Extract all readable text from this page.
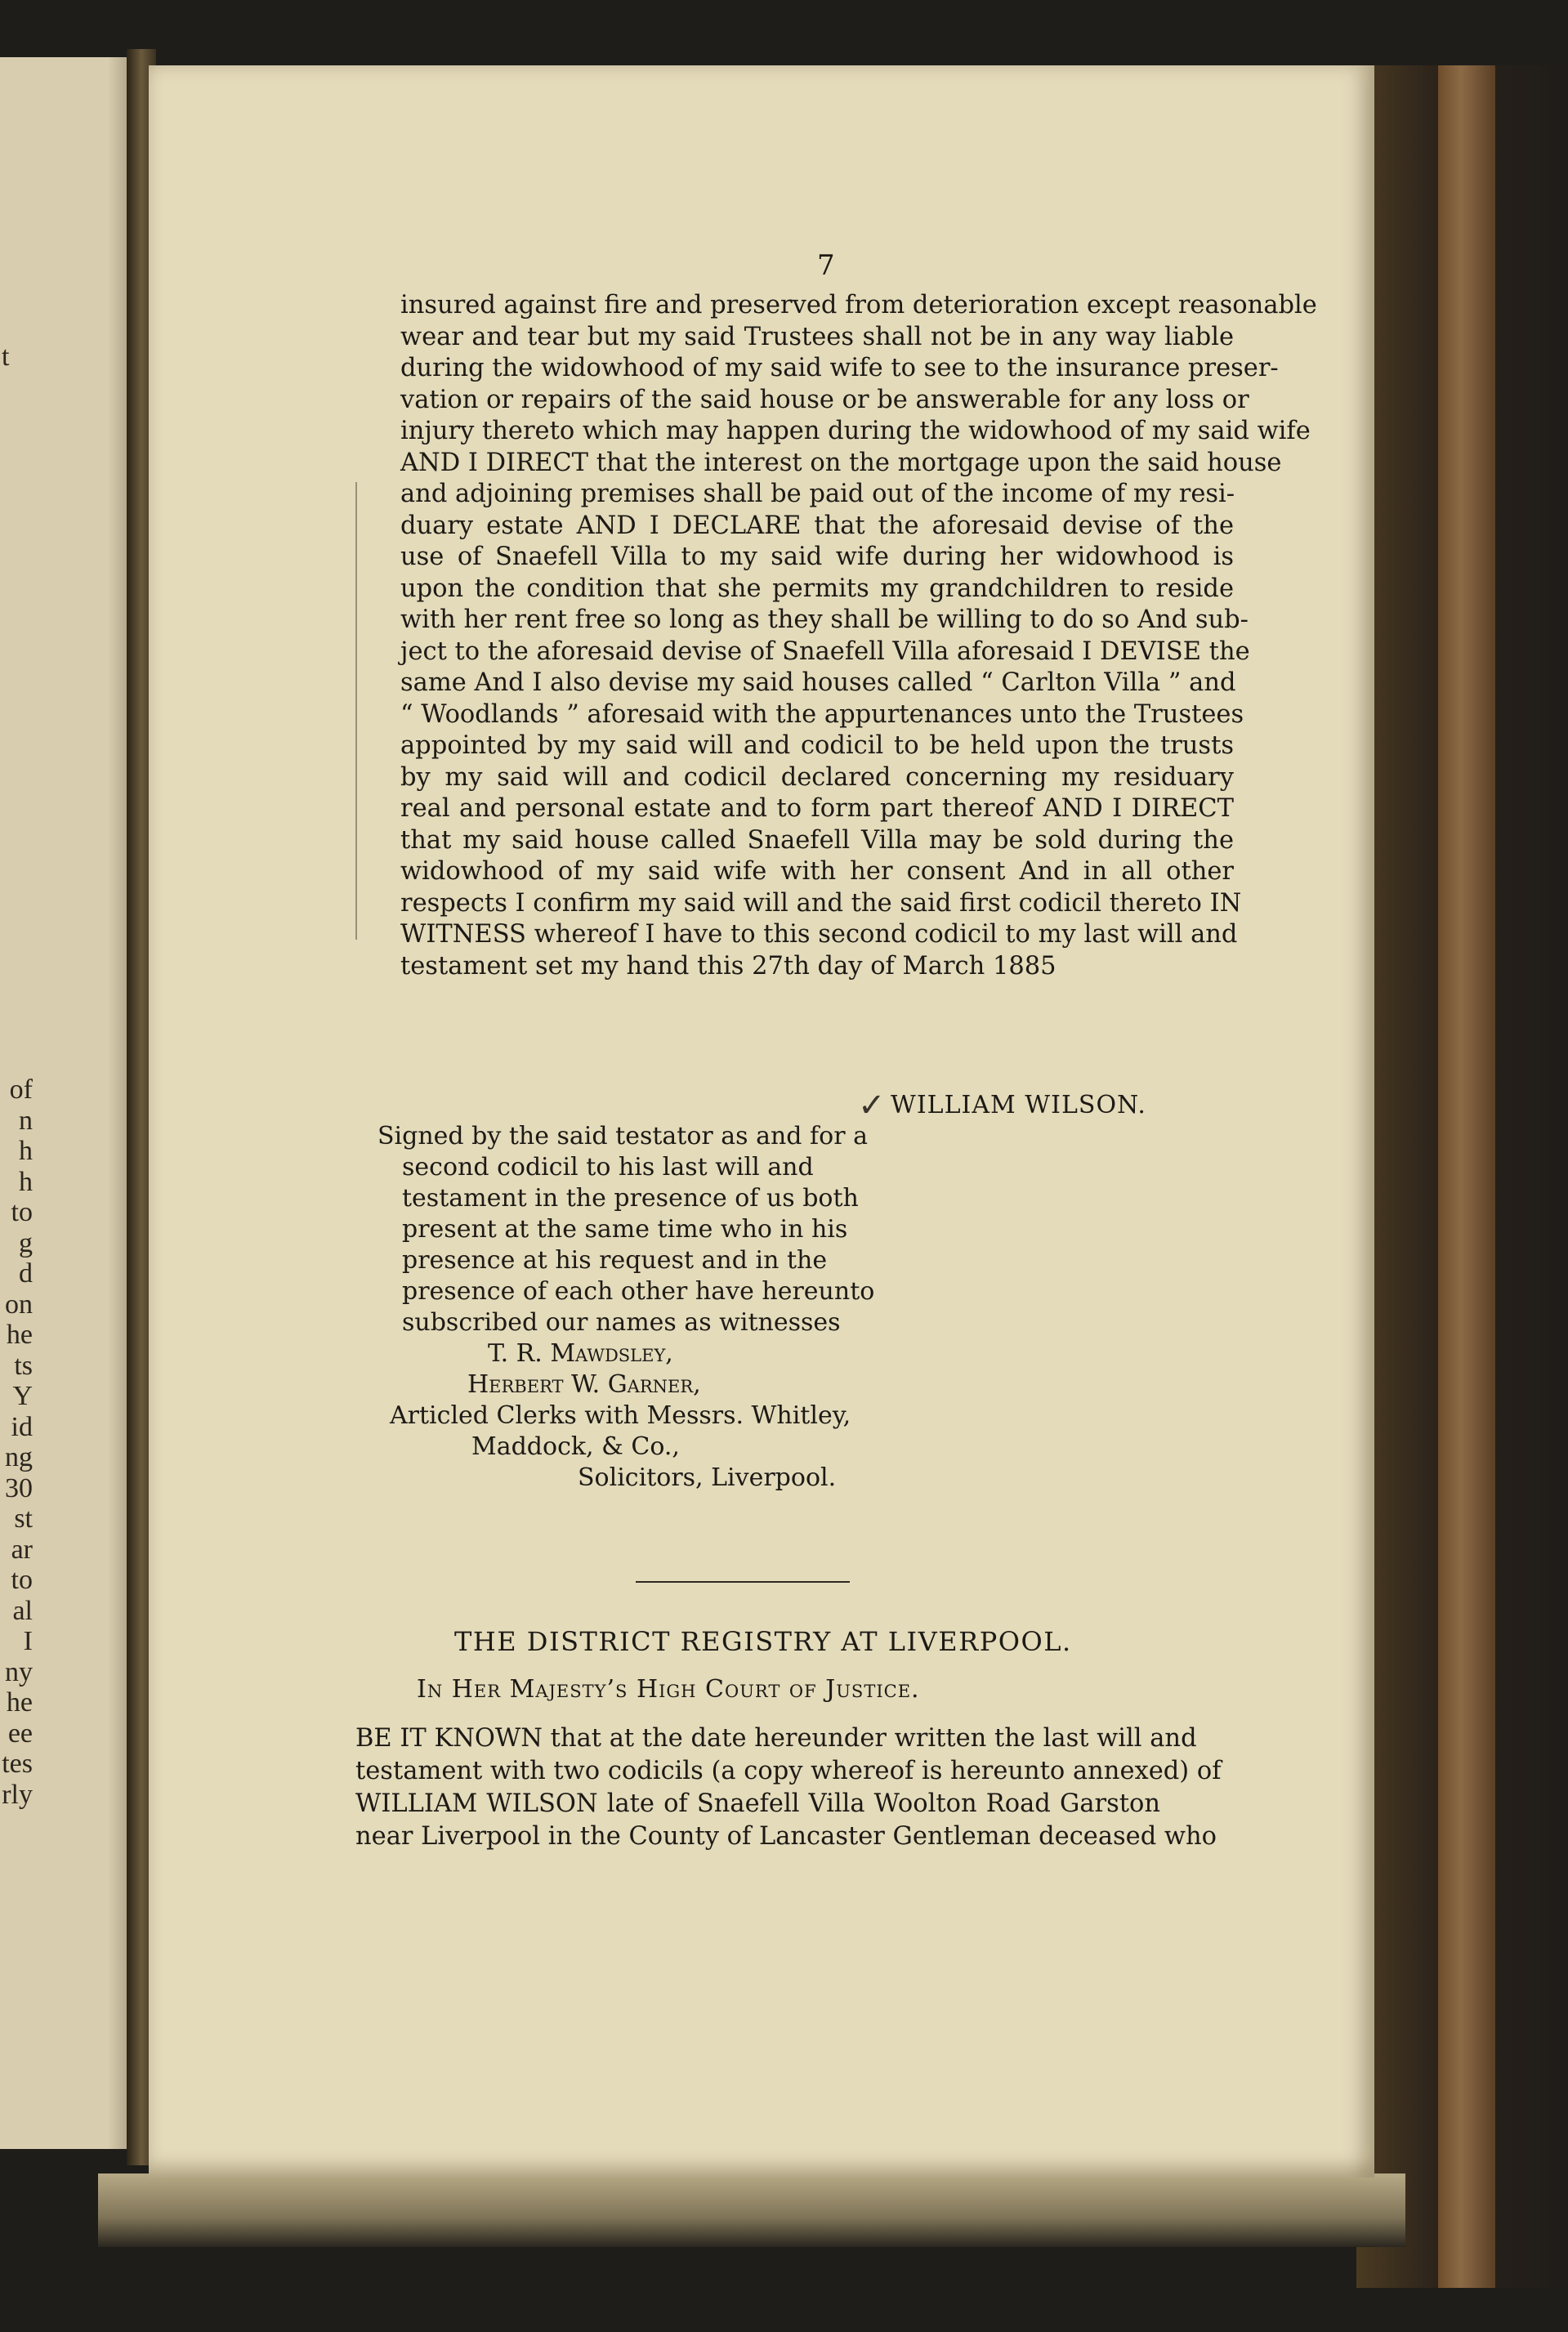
t
of
n
h
h
to
g
d
on
he
ts
Y
id
ng
30
st
ar
to
al
I
ny
he
ee
tes
rly
7
insured against fire and preserved from deterioration except reasonable
wear and tear but my said Trustees shall not be in any way liable
during the widowhood of my said wife to see to the insurance preser-
vation or repairs of the said house or be answerable for any loss or
injury thereto which may happen during the widowhood of my said wife
AND I DIRECT that the interest on the mortgage upon the said house
and adjoining premises shall be paid out of the income of my resi-
duary estate AND I DECLARE that the aforesaid devise of the
use of Snaefell Villa to my said wife during her widowhood is
upon the condition that she permits my grandchildren to reside
with her rent free so long as they shall be willing to do so And sub-
ject to the aforesaid devise of Snaefell Villa aforesaid I DEVISE the
same And I also devise my said houses called “ Carlton Villa ” and
“ Woodlands ” aforesaid with the appurtenances unto the Trustees
appointed by my said will and codicil to be held upon the trusts
by my said will and codicil declared concerning my residuary
real and personal estate and to form part thereof AND I DIRECT
that my said house called Snaefell Villa may be sold during the
widowhood of my said wife with her consent And in all other
respects I confirm my said will and the said first codicil thereto IN
WITNESS whereof I have to this second codicil to my last will and
testament set my hand this 27th day of March 1885
✓ WILLIAM WILSON.
Signed by the said testator as and for a
second codicil to his last will and
testament in the presence of us both
present at the same time who in his
presence at his request and in the
presence of each other have hereunto
subscribed our names as witnesses
T. R. Mawdsley,
Herbert W. Garner,
Articled Clerks with Messrs. Whitley,
Maddock, & Co.,
Solicitors, Liverpool.
THE DISTRICT REGISTRY AT LIVERPOOL.
In Her Majesty’s High Court of Justice.
BE IT KNOWN that at the date hereunder written the last will and
testament with two codicils (a copy whereof is hereunto annexed) of
WILLIAM WILSON late of Snaefell Villa Woolton Road Garston
near Liverpool in the County of Lancaster Gentleman deceased who
